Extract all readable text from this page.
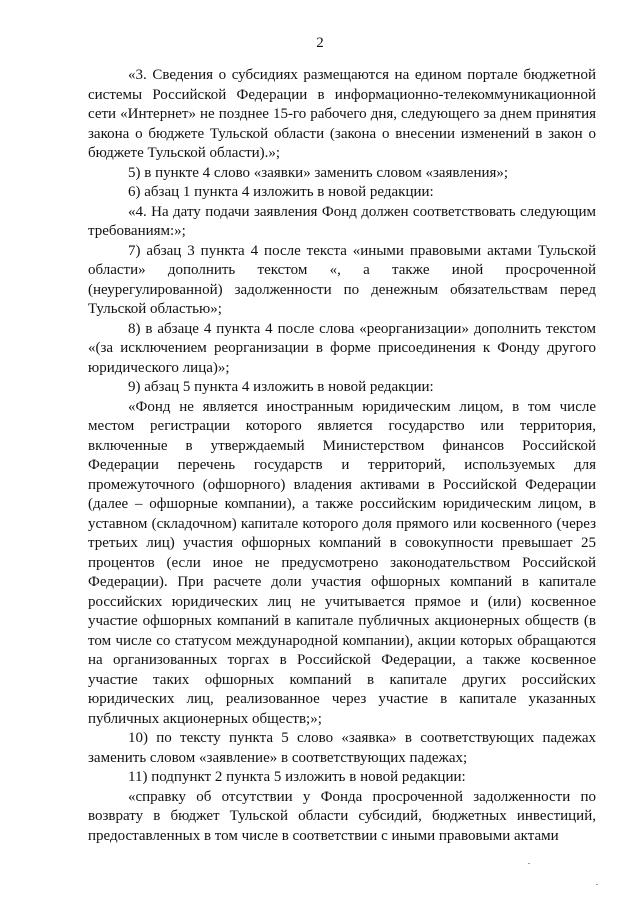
2

«3. Сведения о субсидиях размещаются на едином портале бюджетной системы Российской Федерации в информационно-телекоммуникационной сети «Интернет» не позднее 15-го рабочего дня, следующего за днем принятия закона о бюджете Тульской области (закона о внесении изменений в закон о бюджете Тульской области).»;

5) в пункте 4 слово «заявки» заменить словом «заявления»;

6) абзац 1 пункта 4 изложить в новой редакции:

«4. На дату подачи заявления Фонд должен соответствовать следующим требованиям:»;

7) абзац 3 пункта 4 после текста «иными правовыми актами Тульской области» дополнить текстом «, а также иной просроченной (неурегулированной) задолженности по денежным обязательствам перед Тульской областью»;

8) в абзаце 4 пункта 4 после слова «реорганизации» дополнить текстом «(за исключением реорганизации в форме присоединения к Фонду другого юридического лица)»;

9) абзац 5 пункта 4 изложить в новой редакции:

«Фонд не является иностранным юридическим лицом, в том числе местом регистрации которого является государство или территория, включенные в утверждаемый Министерством финансов Российской Федерации перечень государств и территорий, используемых для промежуточного (офшорного) владения активами в Российской Федерации (далее – офшорные компании), а также российским юридическим лицом, в уставном (складочном) капитале которого доля прямого или косвенного (через третьих лиц) участия офшорных компаний в совокупности превышает 25 процентов (если иное не предусмотрено законодательством Российской Федерации). При расчете доли участия офшорных компаний в капитале российских юридических лиц не учитывается прямое и (или) косвенное участие офшорных компаний в капитале публичных акционерных обществ (в том числе со статусом международной компании), акции которых обращаются на организованных торгах в Российской Федерации, а также косвенное участие таких офшорных компаний в капитале других российских юридических лиц, реализованное через участие в капитале указанных публичных акционерных обществ;»;

10) по тексту пункта 5 слово «заявка» в соответствующих падежах заменить словом «заявление» в соответствующих падежах;

11) подпункт 2 пункта 5 изложить в новой редакции:

«справку об отсутствии у Фонда просроченной задолженности по возврату в бюджет Тульской области субсидий, бюджетных инвестиций, предоставленных в том числе в соответствии с иными правовыми актами
